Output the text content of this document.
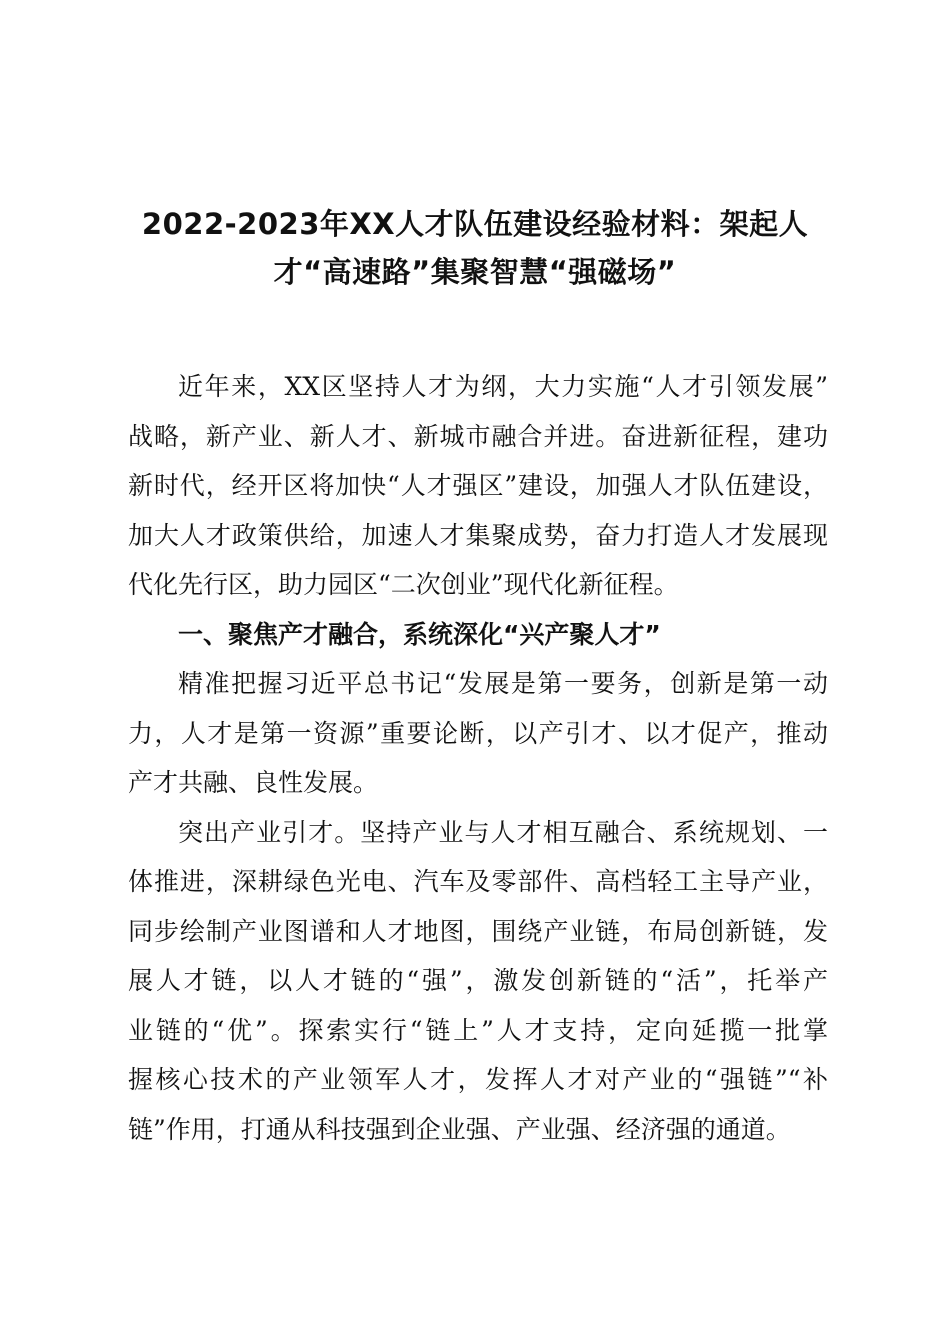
2022-2023年XX人才队伍建设经验材料：架起人
才“高速路”集聚智慧“强磁场”
近年来，XX区坚持人才为纲，大力实施“人才引领发展”
战略，新产业、新人才、新城市融合并进。奋进新征程，建功
新时代，经开区将加快“人才强区”建设，加强人才队伍建设，
加大人才政策供给，加速人才集聚成势，奋力打造人才发展现
代化先行区，助力园区“二次创业”现代化新征程。
一、聚焦产才融合，系统深化“兴产聚人才”
精准把握习近平总书记“发展是第一要务，创新是第一动
力，人才是第一资源”重要论断，以产引才、以才促产，推动
产才共融、良性发展。
突出产业引才。坚持产业与人才相互融合、系统规划、一
体推进，深耕绿色光电、汽车及零部件、高档轻工主导产业，
同步绘制产业图谱和人才地图，围绕产业链，布局创新链，发
展人才链，以人才链的“强”，激发创新链的“活”，托举产
业链的“优”。探索实行“链上”人才支持，定向延揽一批掌
握核心技术的产业领军人才，发挥人才对产业的“强链”“补
链”作用，打通从科技强到企业强、产业强、经济强的通道。
